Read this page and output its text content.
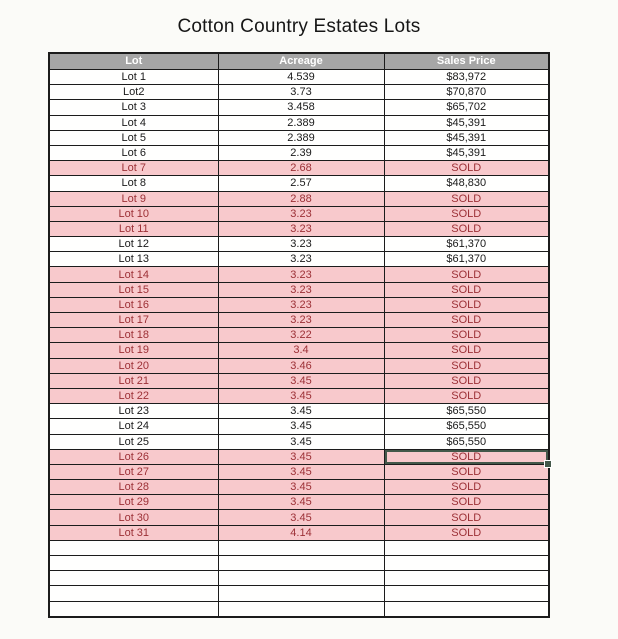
Cotton Country Estates Lots
Lot	Acreage	Sales Price
Lot 1	4.539	$83,972
Lot2	3.73	$70,870
Lot 3	3.458	$65,702
Lot 4	2.389	$45,391
Lot 5	2.389	$45,391
Lot 6	2.39	$45,391
Lot 7	2.68	SOLD
Lot 8	2.57	$48,830
Lot 9	2.88	SOLD
Lot 10	3.23	SOLD
Lot 11	3.23	SOLD
Lot 12	3.23	$61,370
Lot 13	3.23	$61,370
Lot 14	3.23	SOLD
Lot 15	3.23	SOLD
Lot 16	3.23	SOLD
Lot 17	3.23	SOLD
Lot 18	3.22	SOLD
Lot 19	3.4	SOLD
Lot 20	3.46	SOLD
Lot 21	3.45	SOLD
Lot 22	3.45	SOLD
Lot 23	3.45	$65,550
Lot 24	3.45	$65,550
Lot 25	3.45	$65,550
Lot 26	3.45	SOLD

Lot 27	3.45	SOLD
Lot 28	3.45	SOLD
Lot 29	3.45	SOLD
Lot 30	3.45	SOLD
Lot 31	4.14	SOLD
